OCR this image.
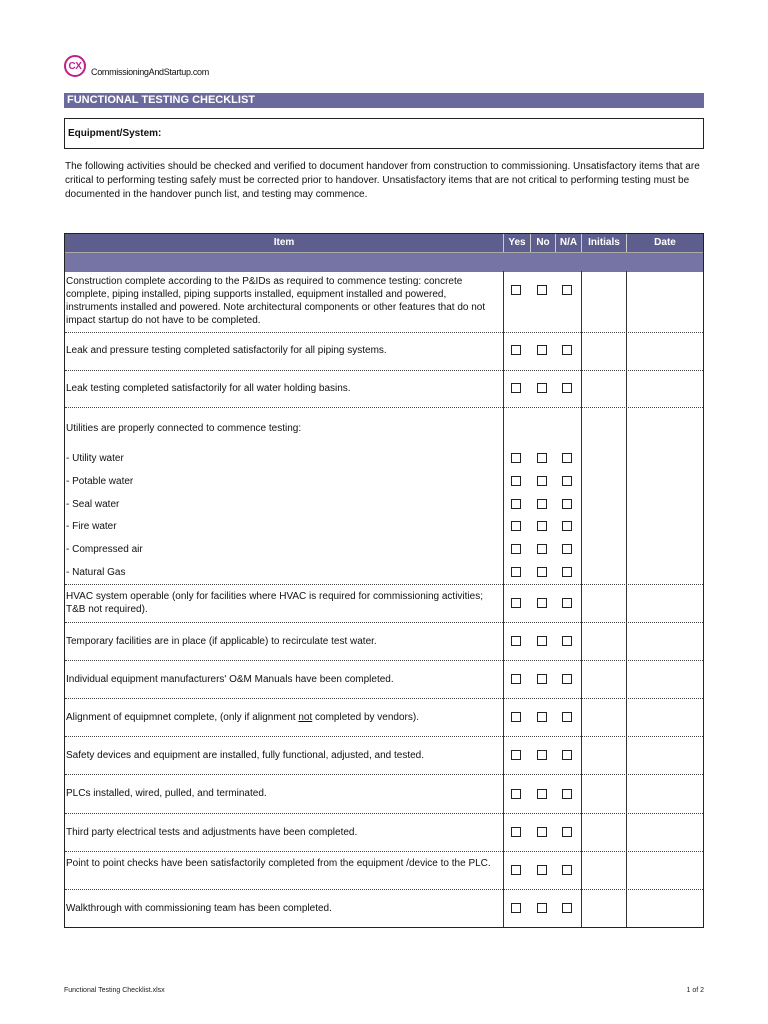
CX
CommissioningAndStartup.com
FUNCTIONAL TESTING CHECKLIST
Equipment/System:
The following activities should be checked and verified to document handover from construction to commissioning. Unsatisfactory items that are critical to performing testing safely must be corrected prior to handover. Unsatisfactory items that are not critical to performing testing must be documented in the handover punch list, and testing may commence.
Item	Yes	No	N/A	Initials	Date
Construction complete according to the P&IDs as required to commence testing: concrete complete, piping installed, piping supports installed, equipment installed and powered, instruments installed and powered. Note architectural components or other features that do not impact startup do not have to be completed.
Leak and pressure testing completed satisfactorily for all piping systems.
Leak testing completed satisfactorily for all water holding basins.
Utilities are properly connected to commence testing:
- Utility water
- Potable water
- Seal water
- Fire water
- Compressed air
- Natural Gas
HVAC system operable (only for facilities where HVAC is required for commissioning activities; T&B not required).
Temporary facilities are in place (if applicable) to recirculate test water.
Individual equipment manufacturers' O&M Manuals have been completed.
Alignment of equipmnet complete, (only if alignment not completed by vendors).
Safety devices and equipment are installed, fully functional, adjusted, and tested.
PLCs installed, wired, pulled, and terminated.
Third party electrical tests and adjustments have been completed.
Point to point checks have been satisfactorily completed from the equipment /device to the PLC.
Walkthrough with commissioning team has been completed.
Functional Testing Checklist.xlsx	1 of 2
